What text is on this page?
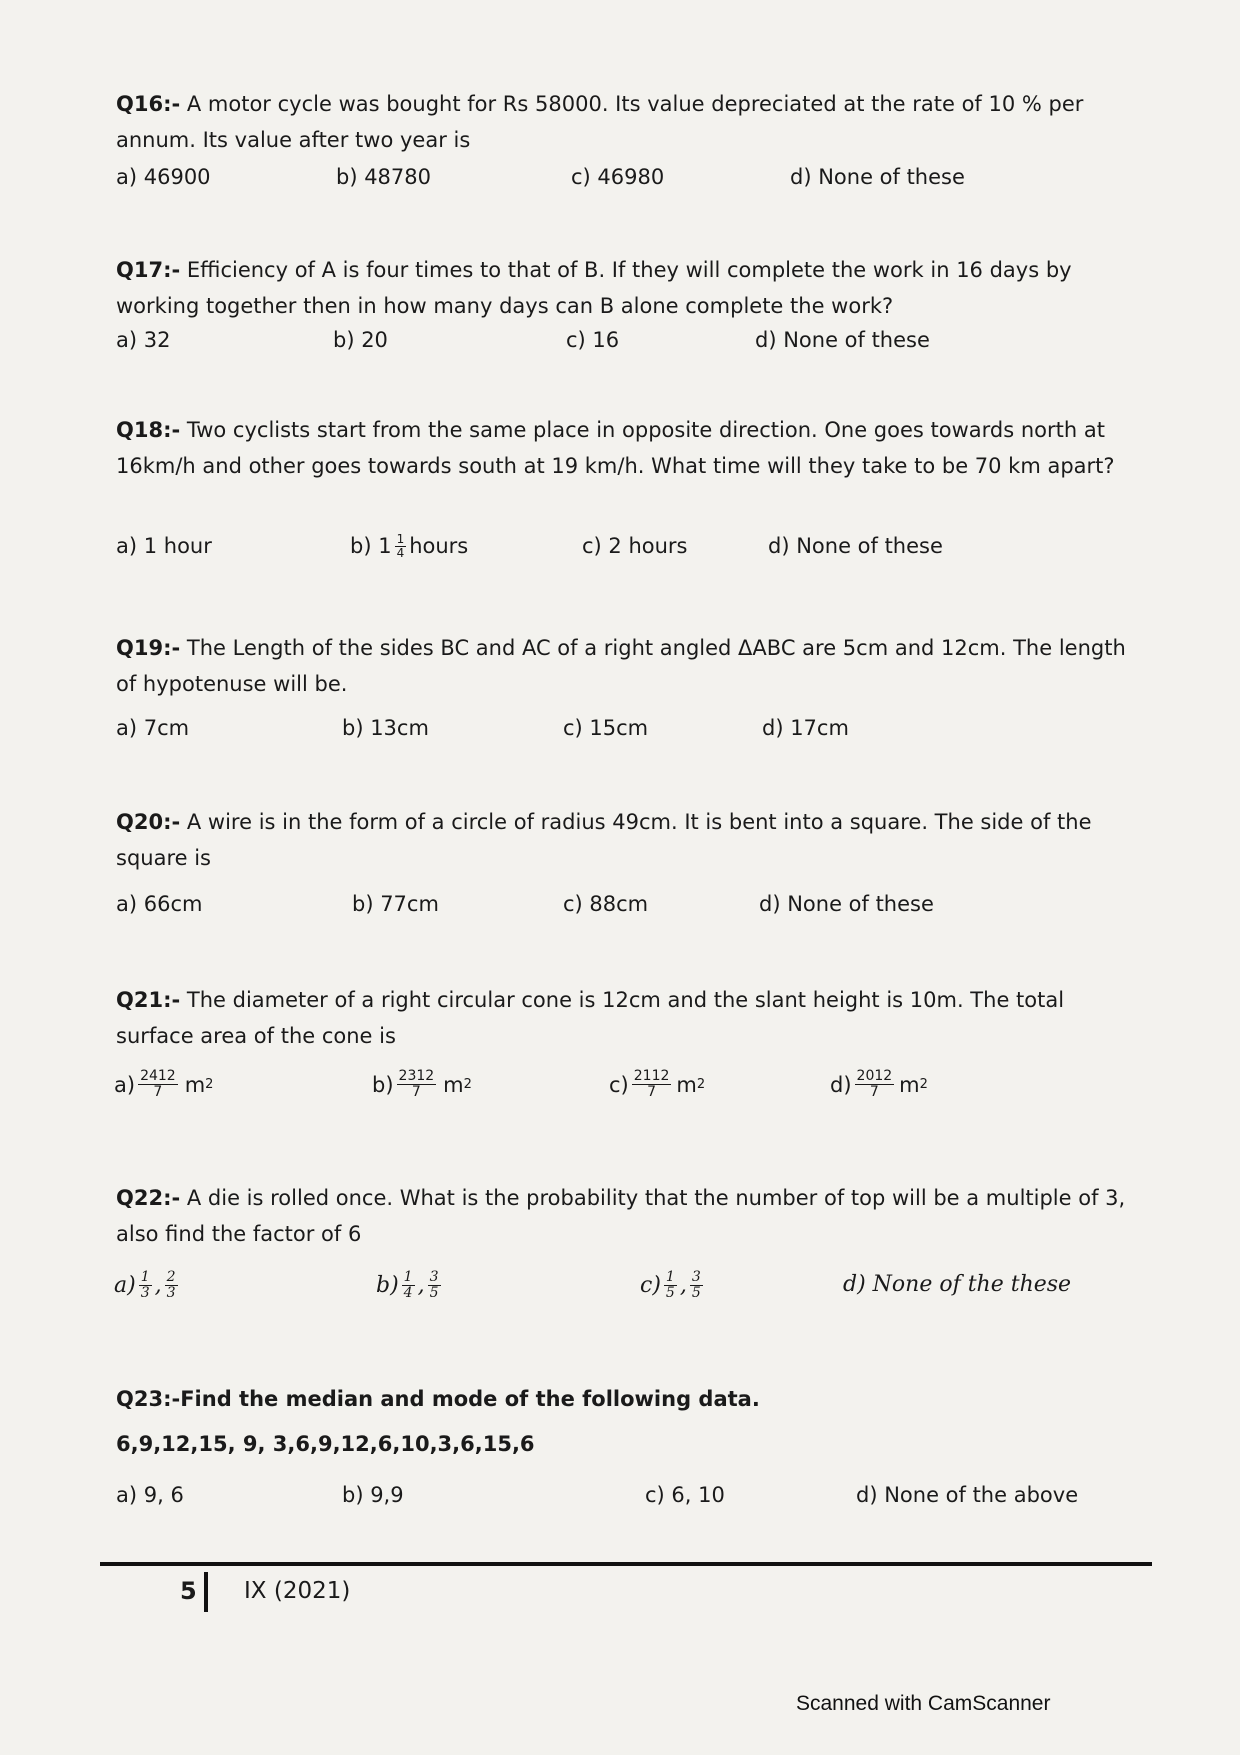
Q16:- A motor cycle was bought for Rs 58000. Its value depreciated at the rate of 10 % per annum. Its value after two year is
a) 46900	b) 48780	c) 46980	d) None of these
Q17:- Efficiency of A is four times to that of B. If they will complete the work in 16 days by working together then in how many days can B alone complete the work?
a) 32	b) 20	c) 16	d) None of these
Q18:- Two cyclists start from the same place in opposite direction. One goes towards north at 16km/h and other goes towards south at 19 km/h. What time will they take to be 70 km apart?
a) 1 hour	b) $1 \frac{1}{4}$ hours	c) 2 hours	d) None of these
Q19:- The Length of the sides BC and AC of a right angled ΔABC are 5cm and 12cm. The length of hypotenuse will be.
a) 7cm	b) 13cm	c) 15cm	d) 17cm
Q20:- A wire is in the form of a circle of radius 49cm. It is bent into a square. The side of the square is
a) 66cm	b) 77cm	c) 88cm	d) None of these
Q21:- The diameter of a right circular cone is 12cm and the slant height is 10m. The total surface area of the cone is
$a) \frac{2412}{7}$ m 2	$b) \frac{2312}{7}$ m 2	$c) \frac{2112}{7}$ m 2	$d) \frac{2012}{7}$ m 2
Q22:- A die is rolled once. What is the probability that the number of top will be a multiple of 3, also find the factor of 6
$a) \frac{1}{3}$ , $\frac{2}{3}$	$b) \frac{1}{4}$ , $\frac{3}{5}$	$c) \frac{1}{5}$ , $\frac{3}{5}$	d) None of the these
Q23:-Find the median and mode of the following data.
6,9,12,15, 9, 3,6,9,12,6,10,3,6,15,6
a) 9, 6	b) 9,9	c) 6, 10	d) None of the above
5 IX (2021)
Scanned with CamScanner
